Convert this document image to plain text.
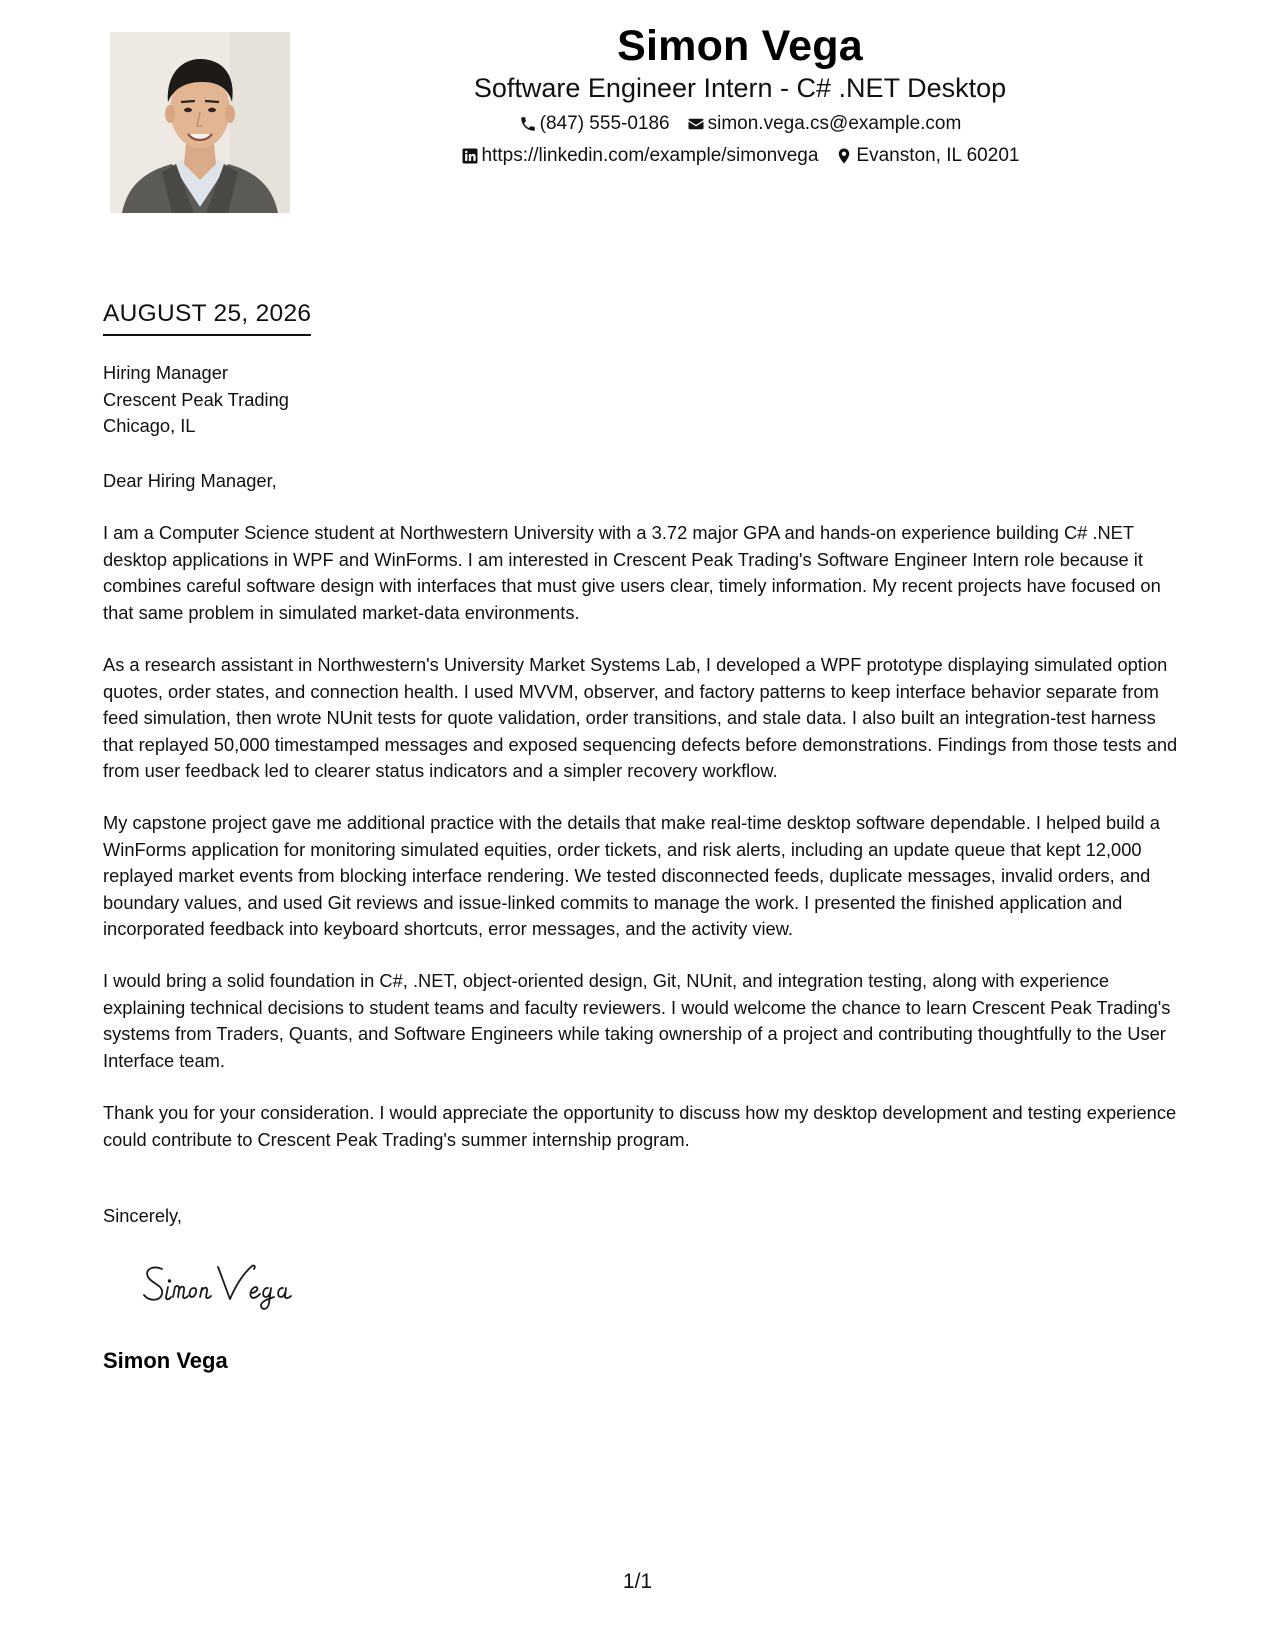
Simon Vega
Software Engineer Intern - C# .NET Desktop
(847) 555-0186 simon.vega.cs@example.com
https://linkedin.com/example/simonvega Evanston, IL 60201
AUGUST 25, 2026
Hiring Manager
Crescent Peak Trading
Chicago, IL

Dear Hiring Manager,

I am a Computer Science student at Northwestern University with a 3.72 major GPA and hands-on experience building C# .NET desktop applications in WPF and WinForms. I am interested in Crescent Peak Trading's Software Engineer Intern role because it combines careful software design with interfaces that must give users clear, timely information. My recent projects have focused on that same problem in simulated market-data environments.

As a research assistant in Northwestern's University Market Systems Lab, I developed a WPF prototype displaying simulated option quotes, order states, and connection health. I used MVVM, observer, and factory patterns to keep interface behavior separate from feed simulation, then wrote NUnit tests for quote validation, order transitions, and stale data. I also built an integration-test harness that replayed 50,000 timestamped messages and exposed sequencing defects before demonstrations. Findings from those tests and from user feedback led to clearer status indicators and a simpler recovery workflow.

My capstone project gave me additional practice with the details that make real-time desktop software dependable. I helped build a WinForms application for monitoring simulated equities, order tickets, and risk alerts, including an update queue that kept 12,000 replayed market events from blocking interface rendering. We tested disconnected feeds, duplicate messages, invalid orders, and boundary values, and used Git reviews and issue-linked commits to manage the work. I presented the finished application and incorporated feedback into keyboard shortcuts, error messages, and the activity view.

I would bring a solid foundation in C#, .NET, object-oriented design, Git, NUnit, and integration testing, along with experience explaining technical decisions to student teams and faculty reviewers. I would welcome the chance to learn Crescent Peak Trading's systems from Traders, Quants, and Software Engineers while taking ownership of a project and contributing thoughtfully to the User Interface team.

Thank you for your consideration. I would appreciate the opportunity to discuss how my desktop development and testing experience could contribute to Crescent Peak Trading's summer internship program.

Sincerely,

Simon Vega
1/1
